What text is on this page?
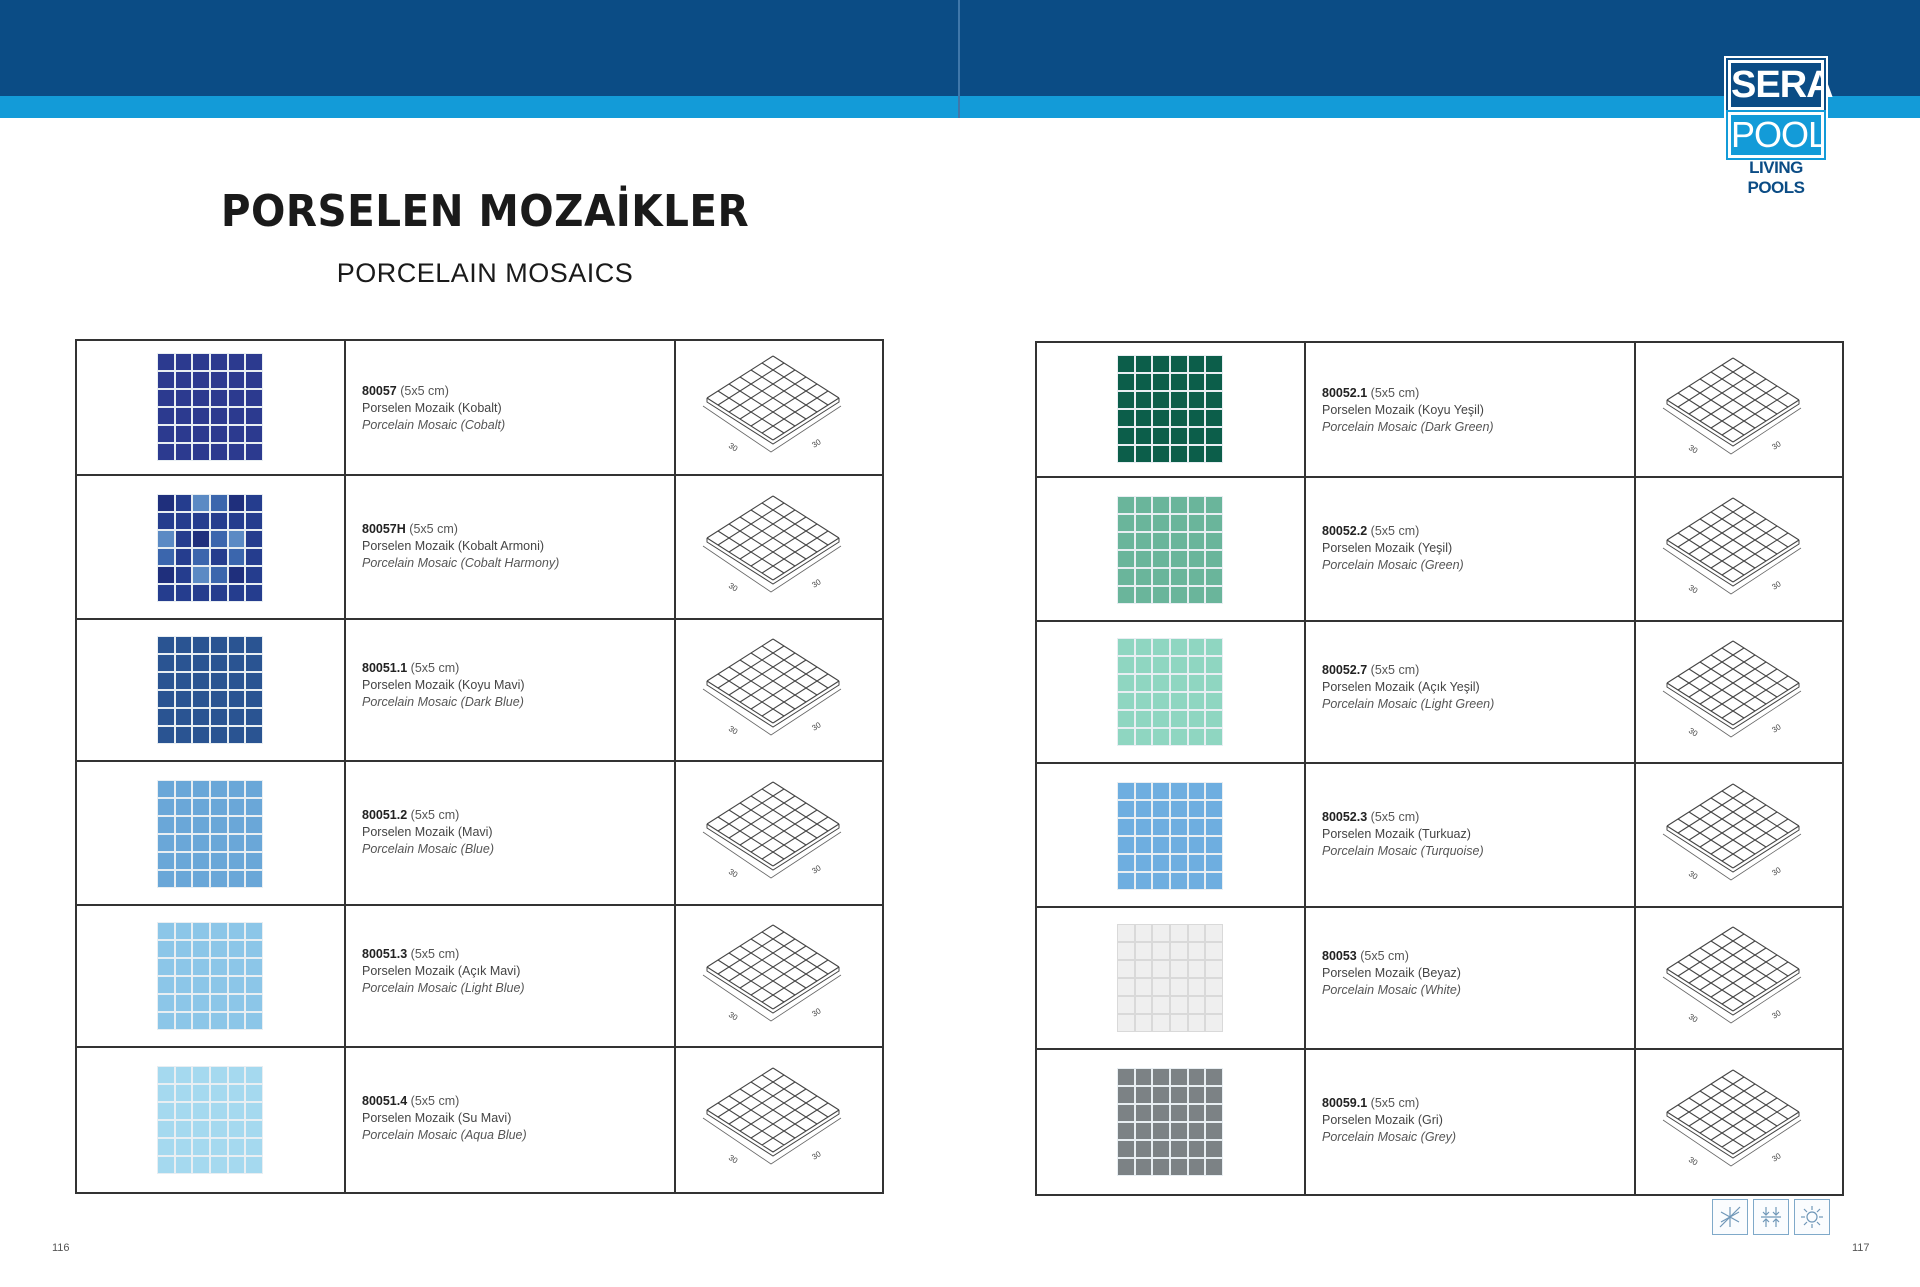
SERA
POOL
LIVING POOLS
PORSELEN MOZAİKLER
PORCELAIN MOSAICS
80057 (5x5 cm)
Porselen Mozaik (Kobalt)
Porcelain Mosaic (Cobalt)
30	30
80057H (5x5 cm)
Porselen Mozaik (Kobalt Armoni)
Porcelain Mosaic (Cobalt Harmony)
30	30
80051.1 (5x5 cm)
Porselen Mozaik (Koyu Mavi)
Porcelain Mosaic (Dark Blue)
30	30
80051.2 (5x5 cm)
Porselen Mozaik (Mavi)
Porcelain Mosaic (Blue)
30	30
80051.3 (5x5 cm)
Porselen Mozaik (Açık Mavi)
Porcelain Mosaic (Light Blue)
30	30
80051.4 (5x5 cm)
Porselen Mozaik (Su Mavi)
Porcelain Mosaic (Aqua Blue)
30	30
80052.1 (5x5 cm)
Porselen Mozaik (Koyu Yeşil)
Porcelain Mosaic (Dark Green)
30	30
80052.2 (5x5 cm)
Porselen Mozaik (Yeşil)
Porcelain Mosaic (Green)
30	30
80052.7 (5x5 cm)
Porselen Mozaik (Açık Yeşil)
Porcelain Mosaic (Light Green)
30	30
80052.3 (5x5 cm)
Porselen Mozaik (Turkuaz)
Porcelain Mosaic (Turquoise)
30	30
80053 (5x5 cm)
Porselen Mozaik (Beyaz)
Porcelain Mosaic (White)
30	30
80059.1 (5x5 cm)
Porselen Mozaik (Gri)
Porcelain Mosaic (Grey)
30	30
116	117
